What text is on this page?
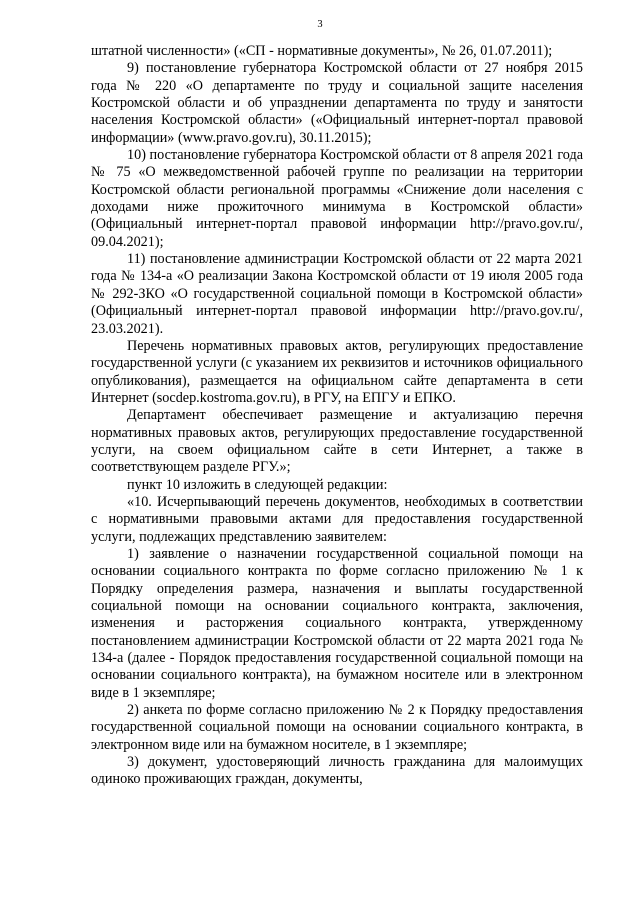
3

штатной численности» («СП - нормативные документы», № 26, 01.07.2011);

9) постановление губернатора Костромской области от 27 ноября 2015 года № 220 «О департаменте по труду и социальной защите населения Костромской области и об упразднении департамента по труду и занятости населения Костромской области» («Официальный интернет-портал правовой информации» (www.pravo.gov.ru), 30.11.2015);

10) постановление губернатора Костромской области от 8 апреля 2021 года № 75 «О межведомственной рабочей группе по реализации на территории Костромской области региональной программы «Снижение доли населения с доходами ниже прожиточного минимума в Костромской области» (Официальный интернет-портал правовой информации http://pravo.gov.ru/, 09.04.2021);

11) постановление администрации Костромской области от 22 марта 2021 года № 134-а «О реализации Закона Костромской области от 19 июля 2005 года № 292-ЗКО «О государственной социальной помощи в Костромской области» (Официальный интернет-портал правовой информации http://pravo.gov.ru/, 23.03.2021).

Перечень нормативных правовых актов, регулирующих предоставление государственной услуги (с указанием их реквизитов и источников официального опубликования), размещается на официальном сайте департамента в сети Интернет (socdep.kostroma.gov.ru), в РГУ, на ЕПГУ и ЕПКО.

Департамент обеспечивает размещение и актуализацию перечня нормативных правовых актов, регулирующих предоставление государственной услуги, на своем официальном сайте в сети Интернет, а также в соответствующем разделе РГУ.»;

пункт 10 изложить в следующей редакции:

«10. Исчерпывающий перечень документов, необходимых в соответствии с нормативными правовыми актами для предоставления государственной услуги, подлежащих представлению заявителем:

1) заявление о назначении государственной социальной помощи на основании социального контракта по форме согласно приложению № 1 к Порядку определения размера, назначения и выплаты государственной социальной помощи на основании социального контракта, заключения, изменения и расторжения социального контракта, утвержденному постановлением администрации Костромской области от 22 марта 2021 года № 134-а (далее - Порядок предоставления государственной социальной помощи на основании социального контракта), на бумажном носителе или в электронном виде в 1 экземпляре;

2) анкета по форме согласно приложению № 2 к Порядку предоставления государственной социальной помощи на основании социального контракта, в электронном виде или на бумажном носителе, в 1 экземпляре;

3) документ, удостоверяющий личность гражданина для малоимущих одиноко проживающих граждан, документы,
